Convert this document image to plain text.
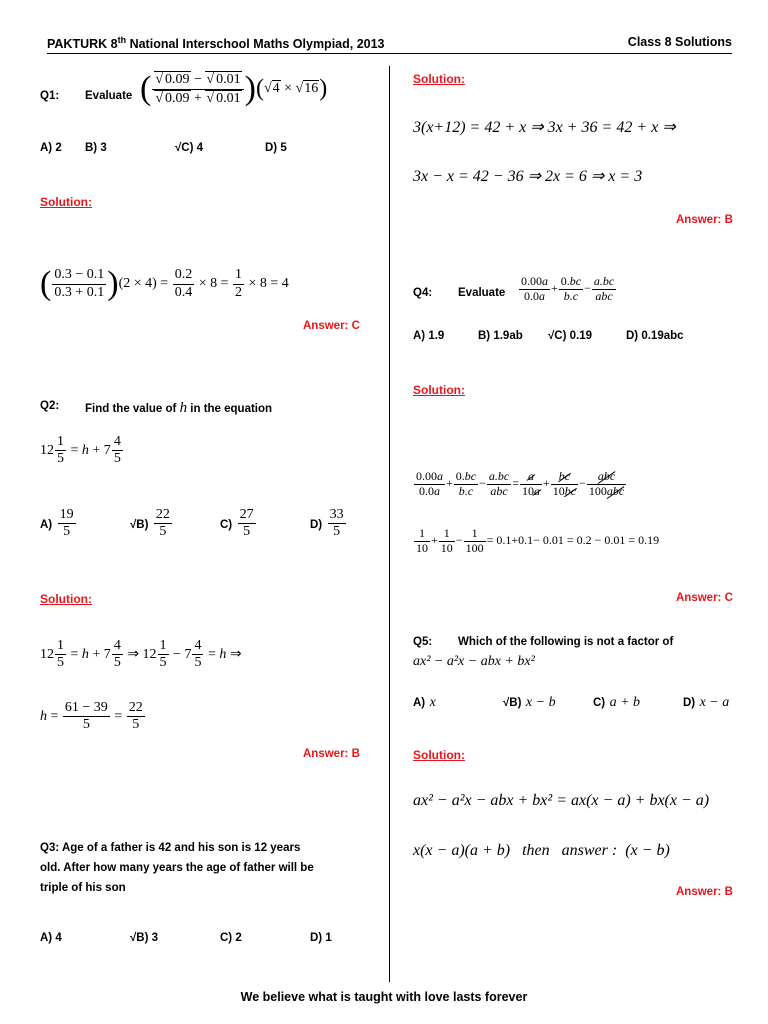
PAKTURK 8th National Interschool Maths Olympiad, 2013	Class 8 Solutions
Q1: Evaluate ( $\frac{√ 0.09 - √ 0.01}{√ 0.09 + √ 0.01} )(√4 \times √16)$
A) 2 B) 3	√C) 4	D) 5
Solution:
( $\frac{0.3 - 0.1}{0.3 + 0.1} )(2 \times 4) = \frac{0.2}{0.4} \times 8 = \frac{1}{2} \times 8 = 4$
Answer: C
Q2: Find the value of h in the equation
$12 \frac{1}{5} = h + 7 \frac{4}{5}$
$A) \frac{19}{5}$	$√B) \frac{22}{5}$	$C) \frac{27}{5}$	$D) \frac{33}{5}$
Solution:
$12 \frac{1}{5} = h + 7 \frac{4}{5}$ ⇒ $12 \frac{1}{5} - 7 \frac{4}{5} = h$ ⇒
$h = \frac{61 - 39}{5} = \frac{22}{5}$
Answer: B
Q3: Age of a father is 42 and his son is 12 years
old. After how many years the age of father will be
triple of his son
A) 4	√B) 3	C) 2	D) 1
Solution:
3(x+12) = 42 + x ⇒ 3x + 36 = 42 + x ⇒
3x − x = 42 − 36 ⇒ 2x = 6 ⇒ x = 3
Answer: B
Q4: Evaluate $\frac{0.00a}{0.0a} + \frac{0.bc}{b.c} - \frac{a.bc}{\text{abc}}$
A) 1.9	B) 1.9ab √C) 0.19	D) 0.19abc
Solution:
$\frac{0.00a}{0.0a} + \frac{0.bc}{b.c} - \frac{a.bc}{\text{abc}} = \frac{a}{10a} + \frac{bc}{10bc} - \frac{\text{abc}}{\text{100abc}}$
$\frac{1}{10} + \frac{1}{10} - \frac{1}{100} = 0.1+0.1- 0.01 = 0.2 - 0.01 = 0.19$
Answer: C
Q5: Which of the following is not a factor of
ax² − a²x − abx + bx²
A) x	√B) x − b	C) a + b	D) x − a
Solution:
ax² − a²x − abx + bx² = ax(x − a) + bx(x − a)
x(x − a)(a + b) then answer : (x − b)
Answer: B
We believe what is taught with love lasts forever
